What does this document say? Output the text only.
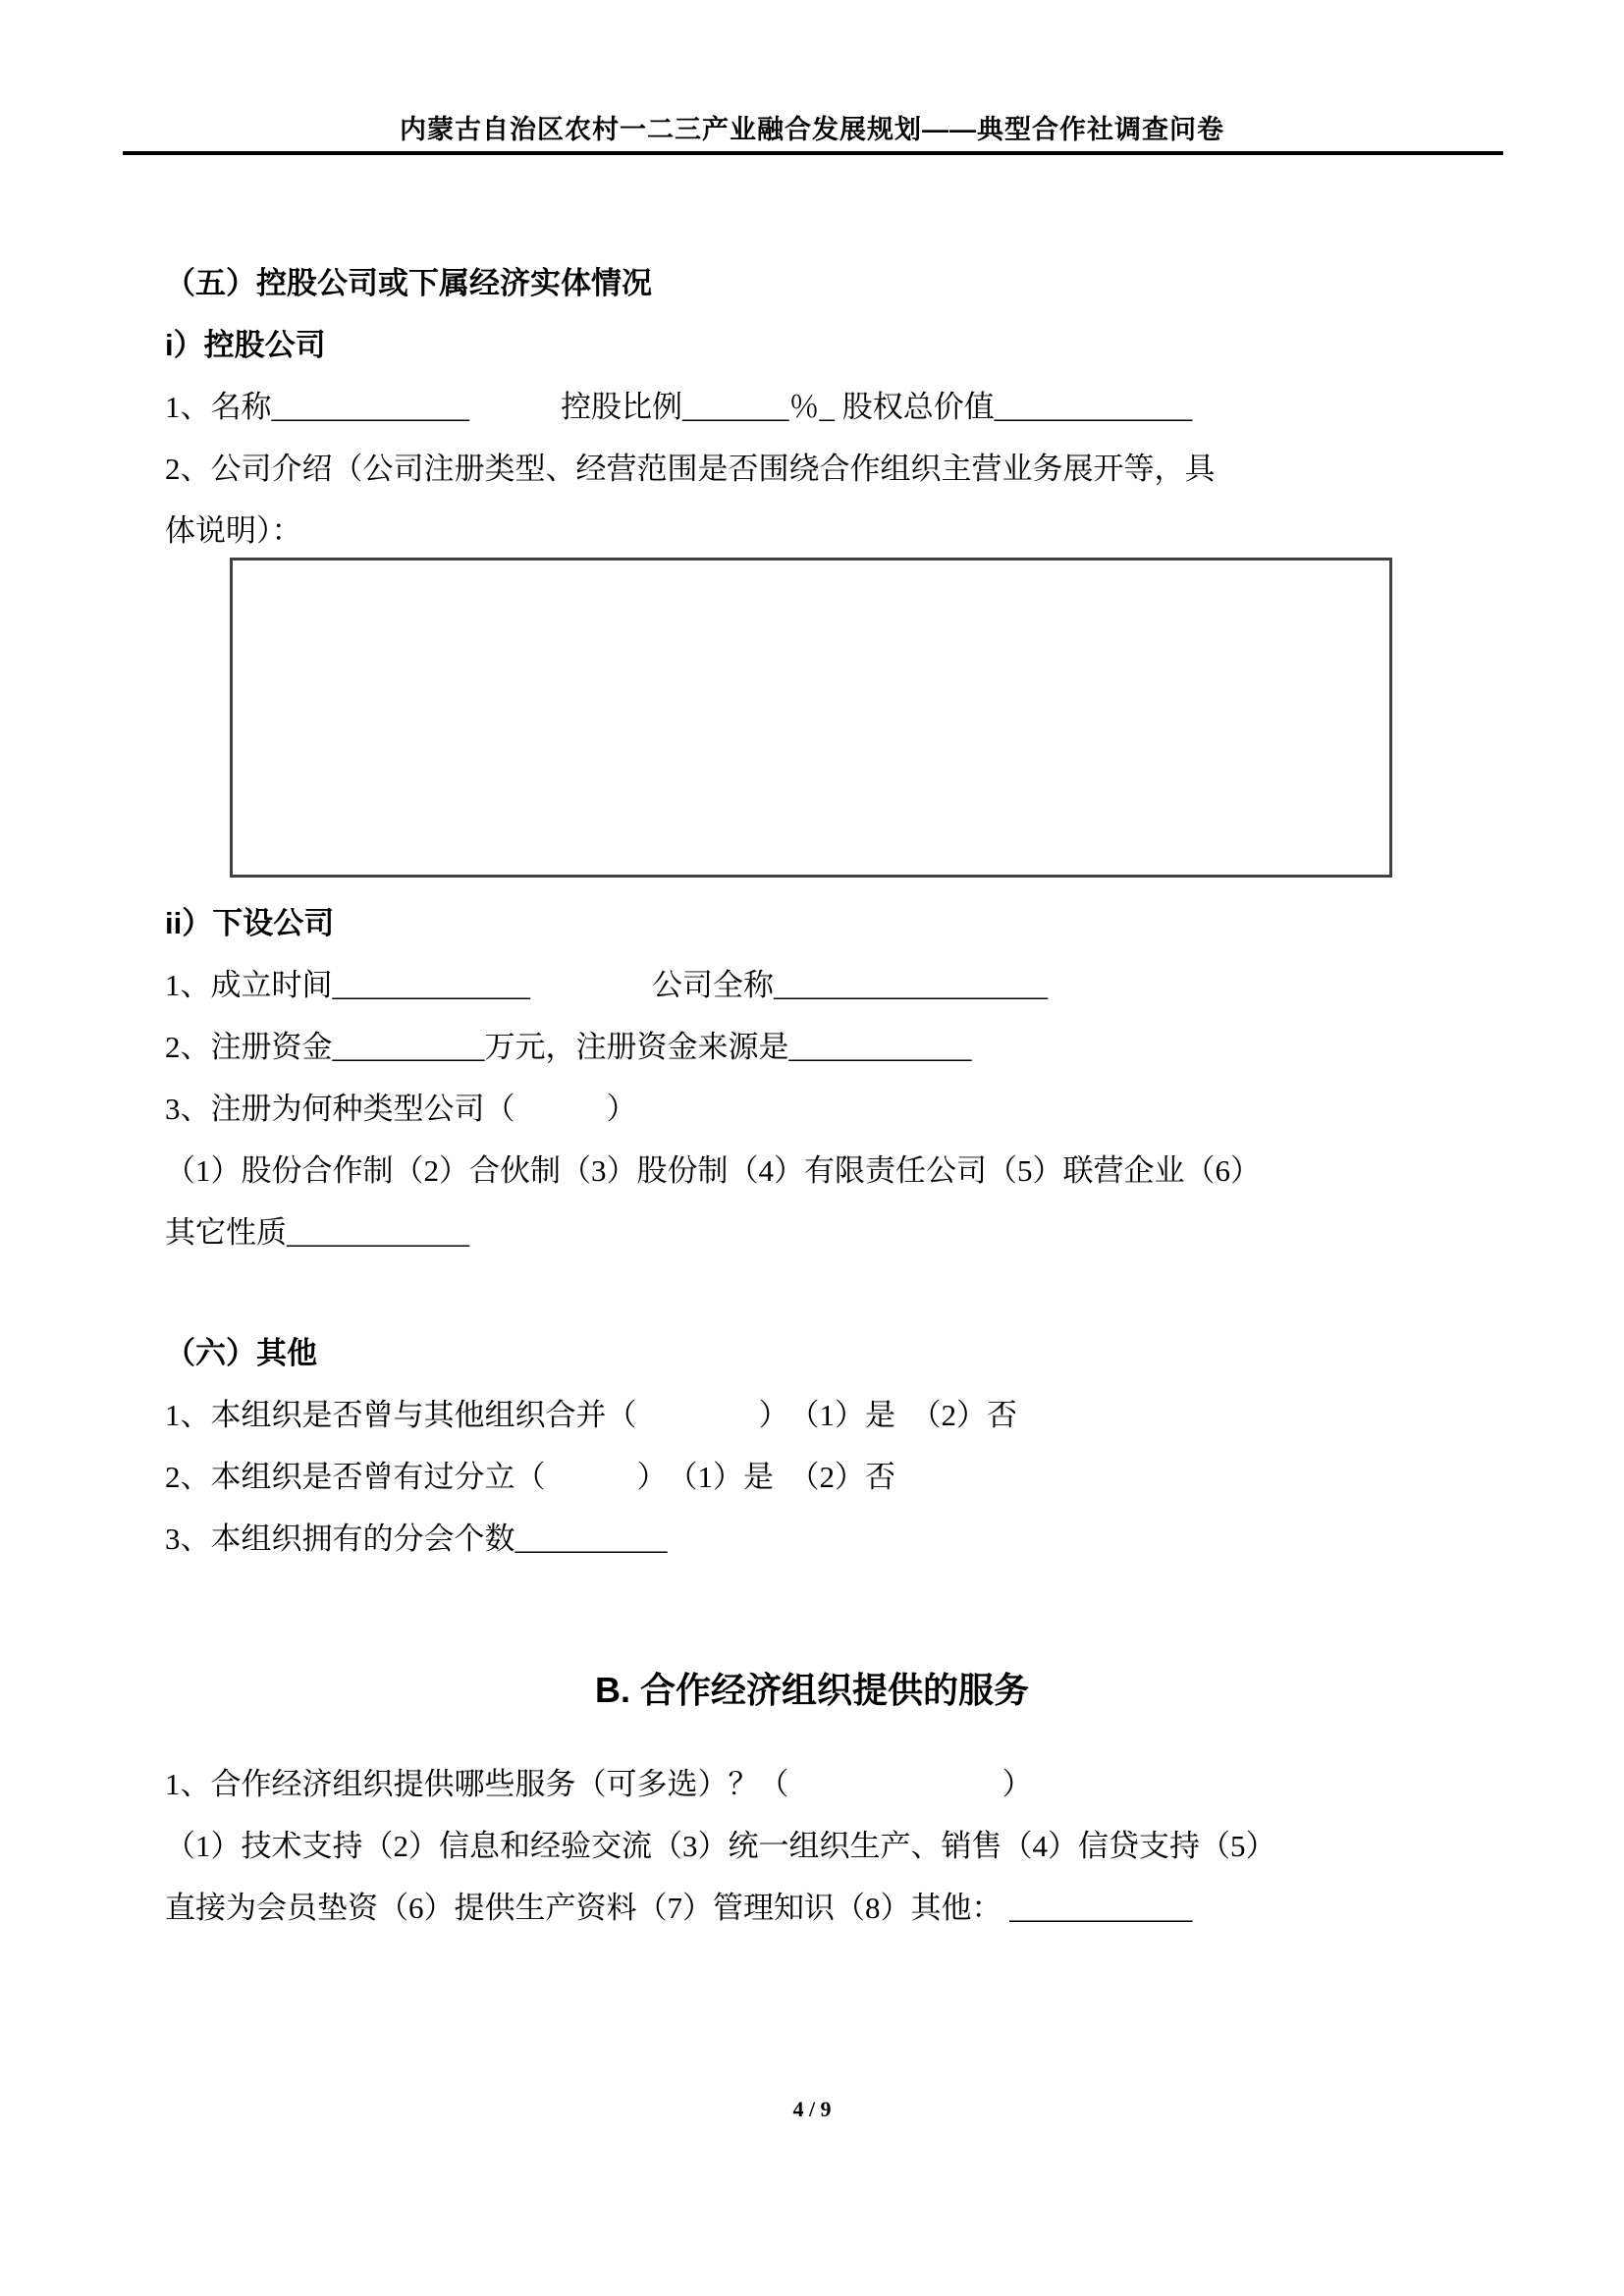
内蒙古自治区农村一二三产业融合发展规划——典型合作社调查问卷
（五）控股公司或下属经济实体情况
i）控股公司
1、名称_____________　　　控股比例_______％_ 股权总价值_____________
2、公司介绍（公司注册类型、经营范围是否围绕合作组织主营业务展开等，具
体说明）：
ii）下设公司
1、成立时间_____________　　　　公司全称__________________
2、注册资金__________万元，注册资金来源是____________
3、注册为何种类型公司（　　　）
（1）股份合作制（2）合伙制（3）股份制（4）有限责任公司（5）联营企业（6）
其它性质____________
（六）其他
1、本组织是否曾与其他组织合并（　　　　）　（1）是　（2）否
2、本组织是否曾有过分立（　　　）　（1）是　（2）否
3、本组织拥有的分会个数__________
B. 合作经济组织提供的服务
1、合作经济组织提供哪些服务（可多选）？（　　　　　　　）
（1）技术支持（2）信息和经验交流（3）统一组织生产、销售（4）信贷支持（5）
直接为会员垫资（6）提供生产资料（7）管理知识（8）其他： ____________
4 / 9
